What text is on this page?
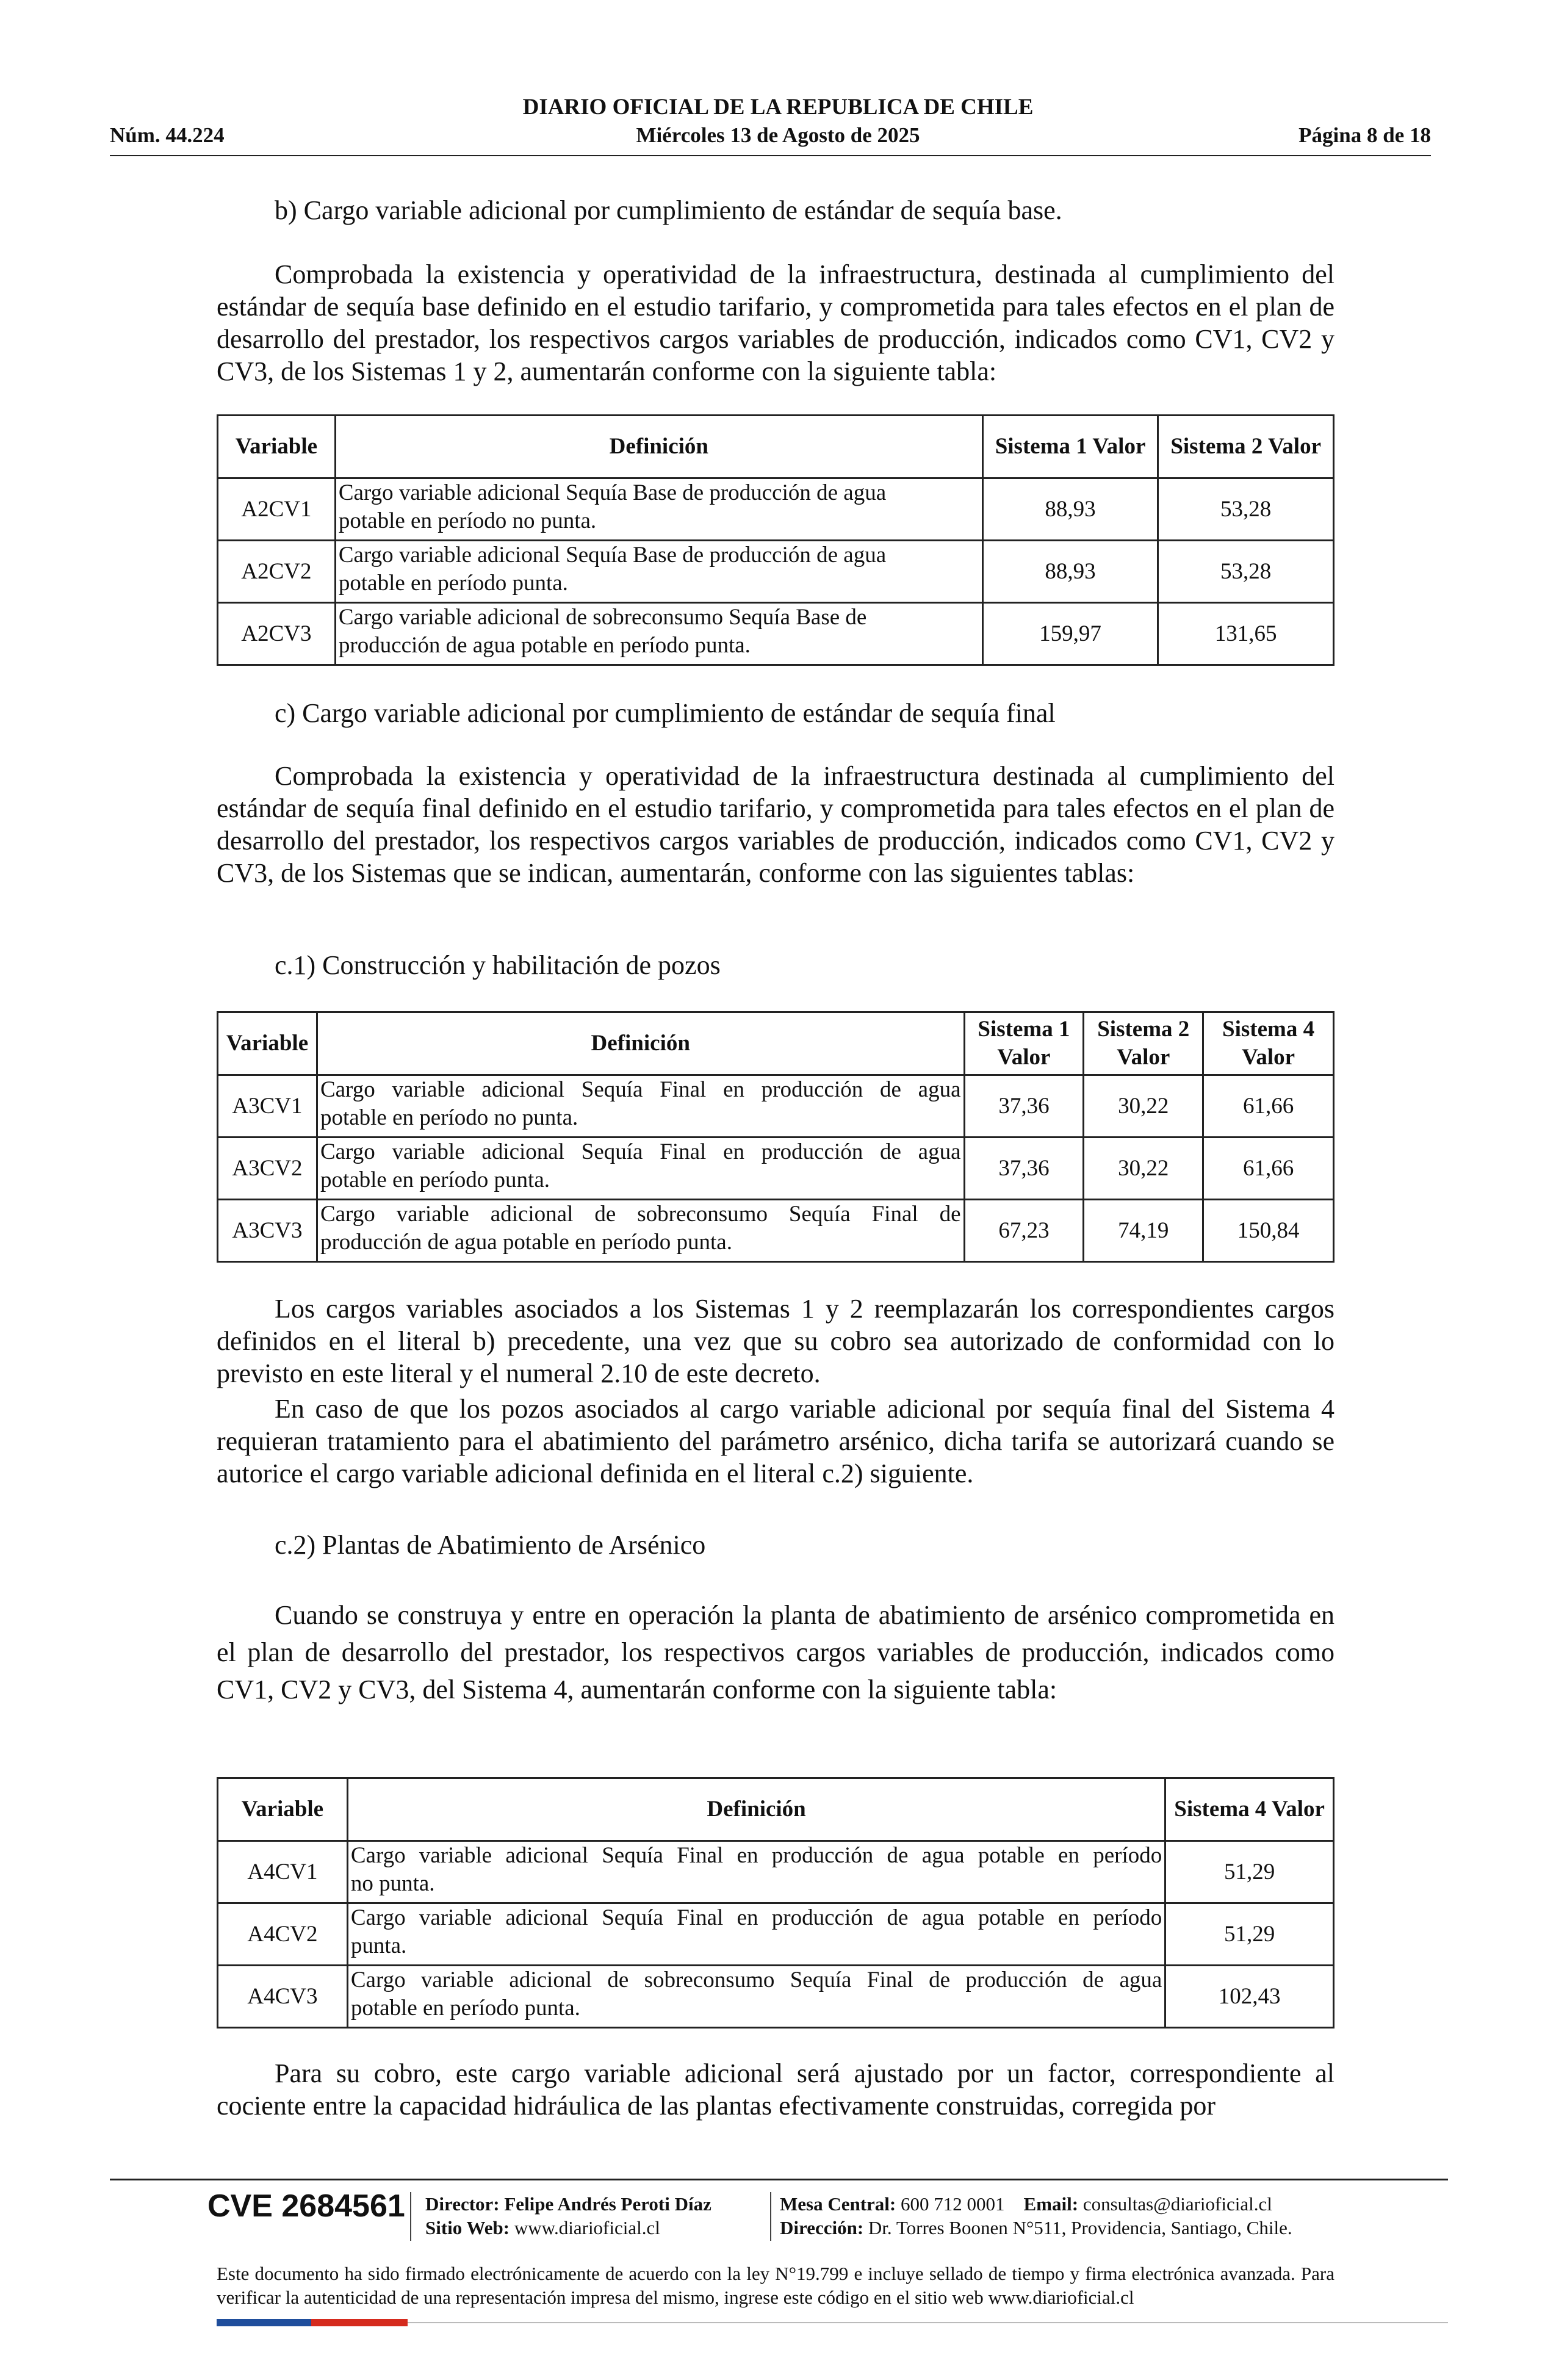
DIARIO OFICIAL DE LA REPUBLICA DE CHILE
Núm. 44.224	Miércoles 13 de Agosto de 2025	Página 8 de 18
b) Cargo variable adicional por cumplimiento de estándar de sequía base.
Comprobada la existencia y operatividad de la infraestructura, destinada al cumplimiento del estándar de sequía base definido en el estudio tarifario, y comprometida para tales efectos en el plan de desarrollo del prestador, los respectivos cargos variables de producción, indicados como CV1, CV2 y CV3, de los Sistemas 1 y 2, aumentarán conforme con la siguiente tabla:
Variable	Definición	Sistema 1 Valor	Sistema 2 Valor
A2CV1	Cargo variable adicional Sequía Base de producción de agua
potable en período no punta.	88,93	53,28
A2CV2	Cargo variable adicional Sequía Base de producción de agua
potable en período punta.	88,93	53,28
A2CV3	Cargo variable adicional de sobreconsumo Sequía Base de
producción de agua potable en período punta.	159,97	131,65
c) Cargo variable adicional por cumplimiento de estándar de sequía final
Comprobada la existencia y operatividad de la infraestructura destinada al cumplimiento del estándar de sequía final definido en el estudio tarifario, y comprometida para tales efectos en el plan de desarrollo del prestador, los respectivos cargos variables de producción, indicados como CV1, CV2 y CV3, de los Sistemas que se indican, aumentarán, conforme con las siguientes tablas:
c.1) Construcción y habilitación de pozos
Variable	Definición	Sistema 1 Valor	Sistema 2 Valor	Sistema 4 Valor
A3CV1	Cargo variable adicional Sequía Final en producción de agua
potable en período no punta.	37,36	30,22	61,66
A3CV2	Cargo variable adicional Sequía Final en producción de agua
potable en período punta.	37,36	30,22	61,66
A3CV3	Cargo variable adicional de sobreconsumo Sequía Final de
producción de agua potable en período punta.	67,23	74,19	150,84
Los cargos variables asociados a los Sistemas 1 y 2 reemplazarán los correspondientes cargos definidos en el literal b) precedente, una vez que su cobro sea autorizado de conformidad con lo previsto en este literal y el numeral 2.10 de este decreto.
En caso de que los pozos asociados al cargo variable adicional por sequía final del Sistema 4 requieran tratamiento para el abatimiento del parámetro arsénico, dicha tarifa se autorizará cuando se autorice el cargo variable adicional definida en el literal c.2) siguiente.
c.2) Plantas de Abatimiento de Arsénico
Cuando se construya y entre en operación la planta de abatimiento de arsénico comprometida en el plan de desarrollo del prestador, los respectivos cargos variables de producción, indicados como CV1, CV2 y CV3, del Sistema 4, aumentarán conforme con la siguiente tabla:
Variable	Definición	Sistema 4 Valor
A4CV1	Cargo variable adicional Sequía Final en producción de agua potable en período
no punta.	51,29
A4CV2	Cargo variable adicional Sequía Final en producción de agua potable en período
punta.	51,29
A4CV3	Cargo variable adicional de sobreconsumo Sequía Final de producción de agua
potable en período punta.	102,43
Para su cobro, este cargo variable adicional será ajustado por un factor, correspondiente al cociente entre la capacidad hidráulica de las plantas efectivamente construidas, corregida por
CVE 2684561 Director: Felipe Andrés Peroti Díaz
Sitio Web: www.diarioficial.cl
Mesa Central: 600 712 0001 Email: consultas@diarioficial.cl
Dirección: Dr. Torres Boonen N°511, Providencia, Santiago, Chile.
Este documento ha sido firmado electrónicamente de acuerdo con la ley N°19.799 e incluye sellado de tiempo y firma electrónica avanzada. Para verificar la autenticidad de una representación impresa del mismo, ingrese este código en el sitio web www.diarioficial.cl
